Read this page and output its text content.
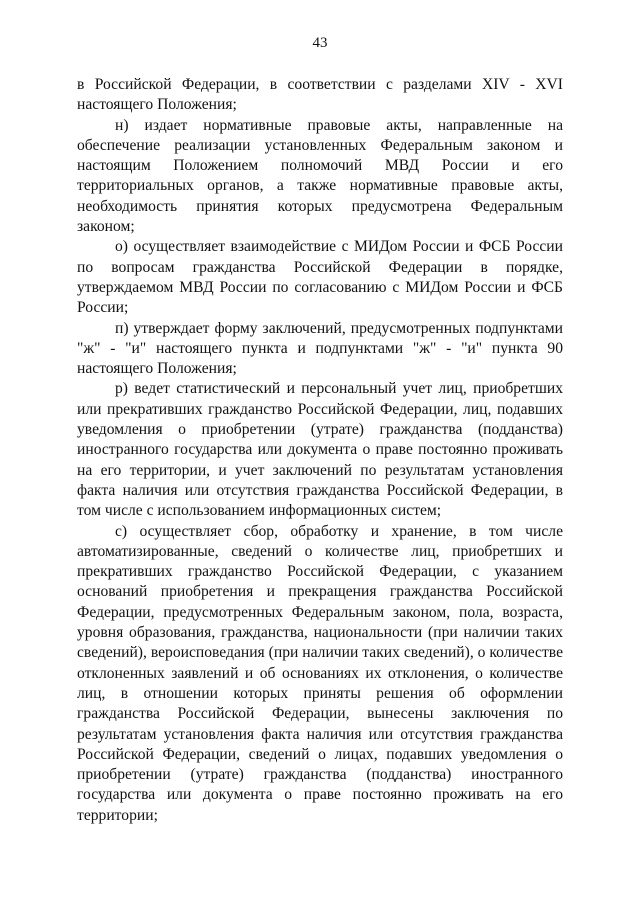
43

в Российской Федерации, в соответствии с разделами XIV - XVI настоящего Положения;

н) издает нормативные правовые акты, направленные на обеспечение реализации установленных Федеральным законом и настоящим Положением полномочий МВД России и его территориальных органов, а также нормативные правовые акты, необходимость принятия которых предусмотрена Федеральным законом;

о) осуществляет взаимодействие с МИДом России и ФСБ России по вопросам гражданства Российской Федерации в порядке, утверждаемом МВД России по согласованию с МИДом России и ФСБ России;

п) утверждает форму заключений, предусмотренных подпунктами "ж" - "и" настоящего пункта и подпунктами "ж" - "и" пункта 90 настоящего Положения;

р) ведет статистический и персональный учет лиц, приобретших или прекративших гражданство Российской Федерации, лиц, подавших уведомления о приобретении (утрате) гражданства (подданства) иностранного государства или документа о праве постоянно проживать на его территории, и учет заключений по результатам установления факта наличия или отсутствия гражданства Российской Федерации, в том числе с использованием информационных систем;

с) осуществляет сбор, обработку и хранение, в том числе автоматизированные, сведений о количестве лиц, приобретших и прекративших гражданство Российской Федерации, с указанием оснований приобретения и прекращения гражданства Российской Федерации, предусмотренных Федеральным законом, пола, возраста, уровня образования, гражданства, национальности (при наличии таких сведений), вероисповедания (при наличии таких сведений), о количестве отклоненных заявлений и об основаниях их отклонения, о количестве лиц, в отношении которых приняты решения об оформлении гражданства Российской Федерации, вынесены заключения по результатам установления факта наличия или отсутствия гражданства Российской Федерации, сведений о лицах, подавших уведомления о приобретении (утрате) гражданства (подданства) иностранного государства или документа о праве постоянно проживать на его территории;
